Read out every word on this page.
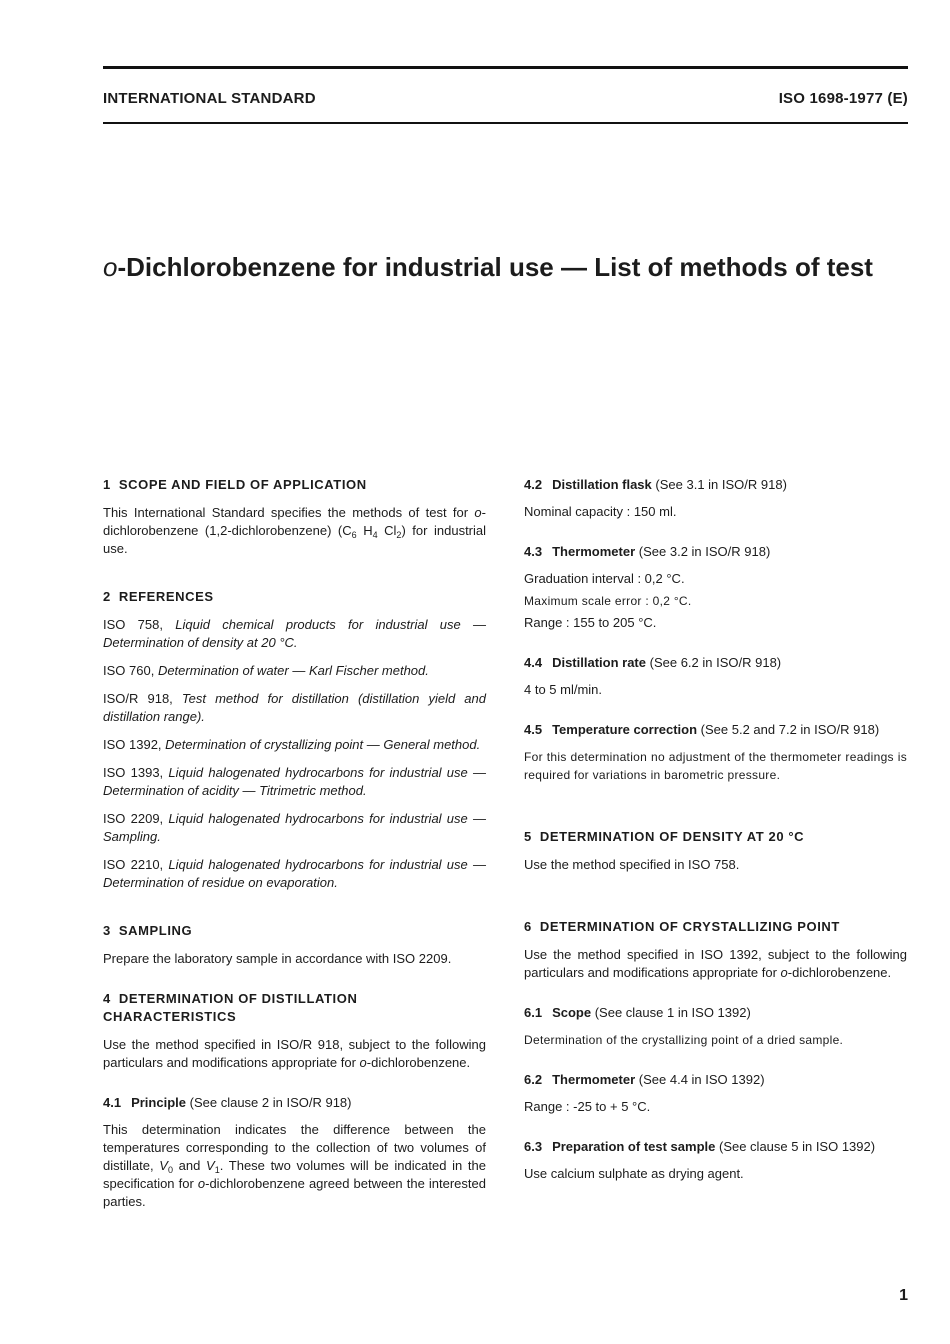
INTERNATIONAL STANDARD	ISO 1698-1977 (E)
o-Dichlorobenzene for industrial use — List of methods of test
1 SCOPE AND FIELD OF APPLICATION

This International Standard specifies the methods of test for o-dichlorobenzene (1,2-dichlorobenzene) ($C_6$ $H_4$ $Cl_2$) for industrial use.

2 REFERENCES

ISO 758, Liquid chemical products for industrial use — Determination of density at 20 °C.

ISO 760, Determination of water — Karl Fischer method.

ISO/R 918, Test method for distillation (distillation yield and distillation range).

ISO 1392, Determination of crystallizing point — General method.

ISO 1393, Liquid halogenated hydrocarbons for industrial use — Determination of acidity — Titrimetric method.

ISO 2209, Liquid halogenated hydrocarbons for industrial use — Sampling.

ISO 2210, Liquid halogenated hydrocarbons for industrial use — Determination of residue on evaporation.

3 SAMPLING

Prepare the laboratory sample in accordance with ISO 2209.

4 DETERMINATION OF DISTILLATION CHARACTERISTICS

Use the method specified in ISO/R 918, subject to the following particulars and modifications appropriate for o-dichlorobenzene.

4.1 Principle (See clause 2 in ISO/R 918)

This determination indicates the difference between the temperatures corresponding to the collection of two volumes of distillate, $V_0$ and $V_1$. These two volumes will be indicated in the specification for o-dichlorobenzene agreed between the interested parties.

4.2 Distillation flask (See 3.1 in ISO/R 918)

Nominal capacity : 150 ml.

4.3 Thermometer (See 3.2 in ISO/R 918)
Graduation interval : 0,2 °C.
Maximum scale error : 0,2 °C.
Range : 155 to 205 °C.
4.4 Distillation rate (See 6.2 in ISO/R 918)

4 to 5 ml/min.

4.5 Temperature correction (See 5.2 and 7.2 in ISO/R 918)

For this determination no adjustment of the thermometer readings is required for variations in barometric pressure.

5 DETERMINATION OF DENSITY AT 20 °C

Use the method specified in ISO 758.

6 DETERMINATION OF CRYSTALLIZING POINT

Use the method specified in ISO 1392, subject to the following particulars and modifications appropriate for o-dichlorobenzene.

6.1 Scope (See clause 1 in ISO 1392)

Determination of the crystallizing point of a dried sample.

6.2 Thermometer (See 4.4 in ISO 1392)

Range : -25 to + 5 °C.

6.3 Preparation of test sample (See clause 5 in ISO 1392)

Use calcium sulphate as drying agent.

1
